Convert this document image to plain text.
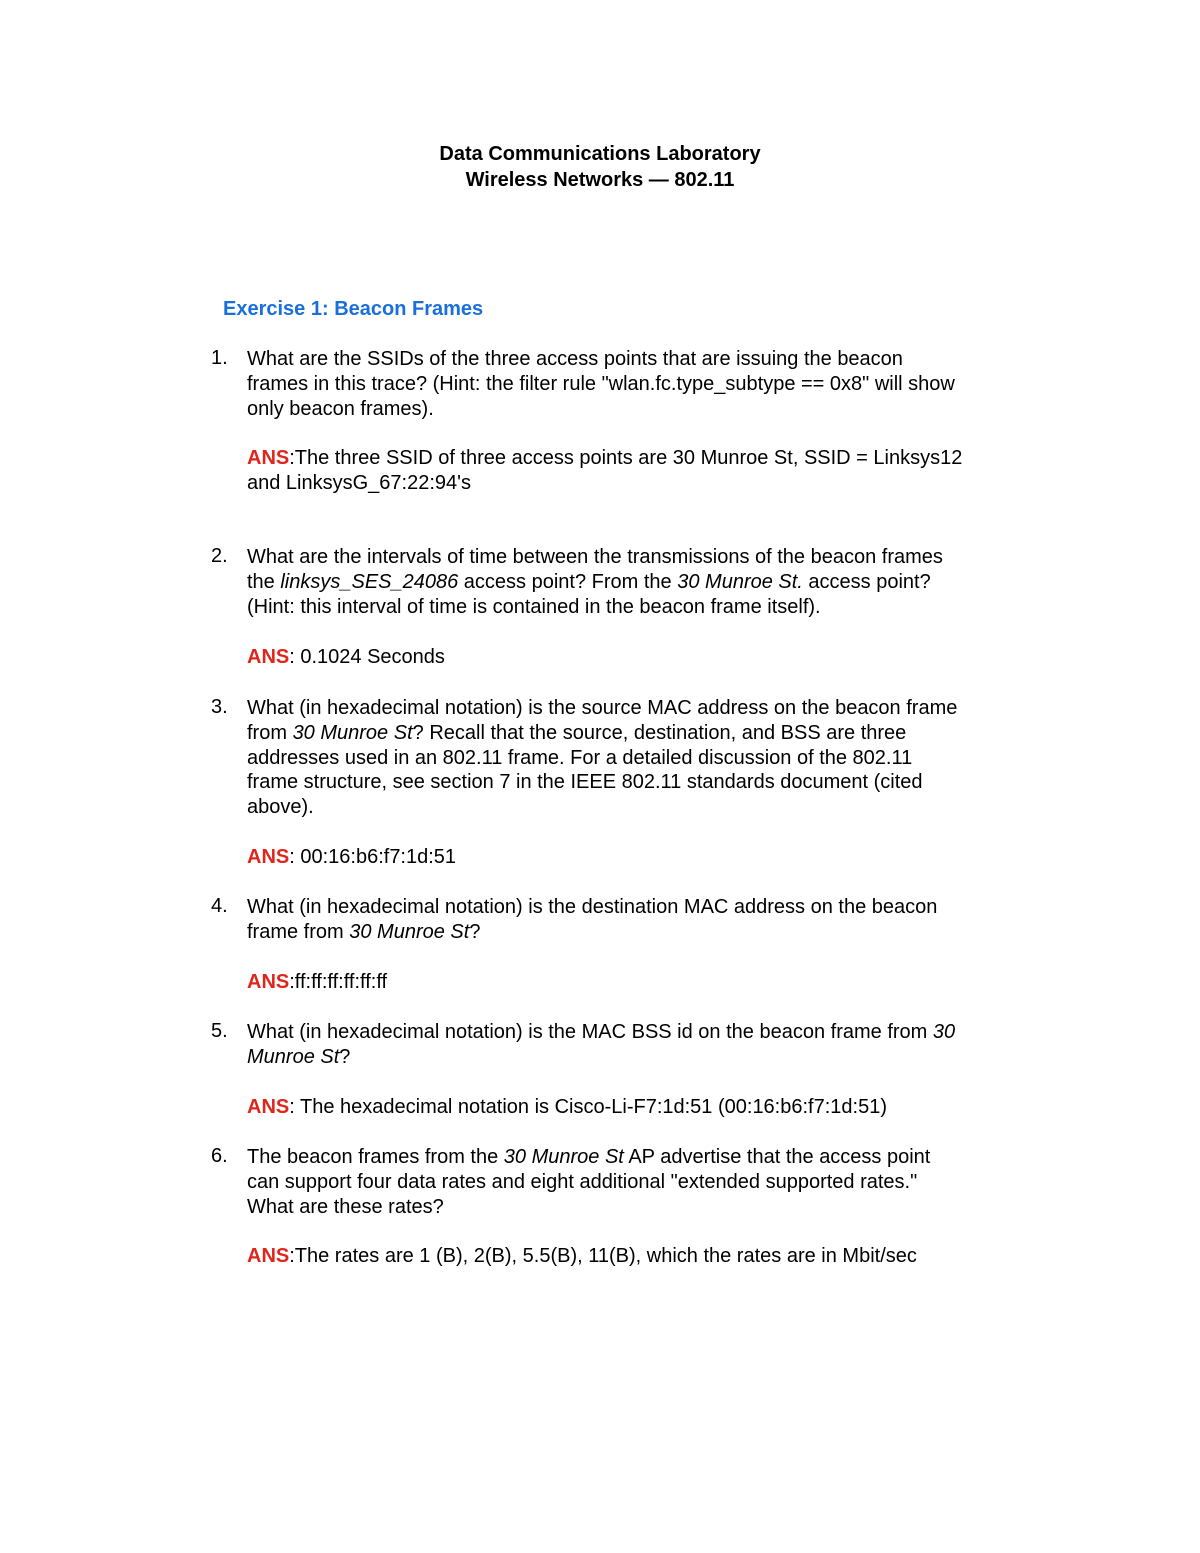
Data Communications Laboratory
Wireless Networks — 802.11
Exercise 1: Beacon Frames
1. What are the SSIDs of the three access points that are issuing the beacon
frames in this trace? (Hint: the filter rule "wlan.fc.type_subtype == 0x8" will show
only beacon frames).
ANS:The three SSID of three access points are 30 Munroe St, SSID = Linksys12
and LinksysG_67:22:94's
2. What are the intervals of time between the transmissions of the beacon frames
the linksys_SES_24086 access point? From the 30 Munroe St. access point?
(Hint: this interval of time is contained in the beacon frame itself).
ANS: 0.1024 Seconds
3. What (in hexadecimal notation) is the source MAC address on the beacon frame
from 30 Munroe St? Recall that the source, destination, and BSS are three
addresses used in an 802.11 frame. For a detailed discussion of the 802.11
frame structure, see section 7 in the IEEE 802.11 standards document (cited
above).
ANS: 00:16:b6:f7:1d:51
4. What (in hexadecimal notation) is the destination MAC address on the beacon
frame from 30 Munroe St?
ANS:ff:ff:ff:ff:ff:ff
5. What (in hexadecimal notation) is the MAC BSS id on the beacon frame from 30
Munroe St?
ANS: The hexadecimal notation is Cisco-Li-F7:1d:51 (00:16:b6:f7:1d:51)
6. The beacon frames from the 30 Munroe St AP advertise that the access point
can support four data rates and eight additional "extended supported rates."
What are these rates?
ANS:The rates are 1 (B), 2(B), 5.5(B), 11(B), which the rates are in Mbit/sec
